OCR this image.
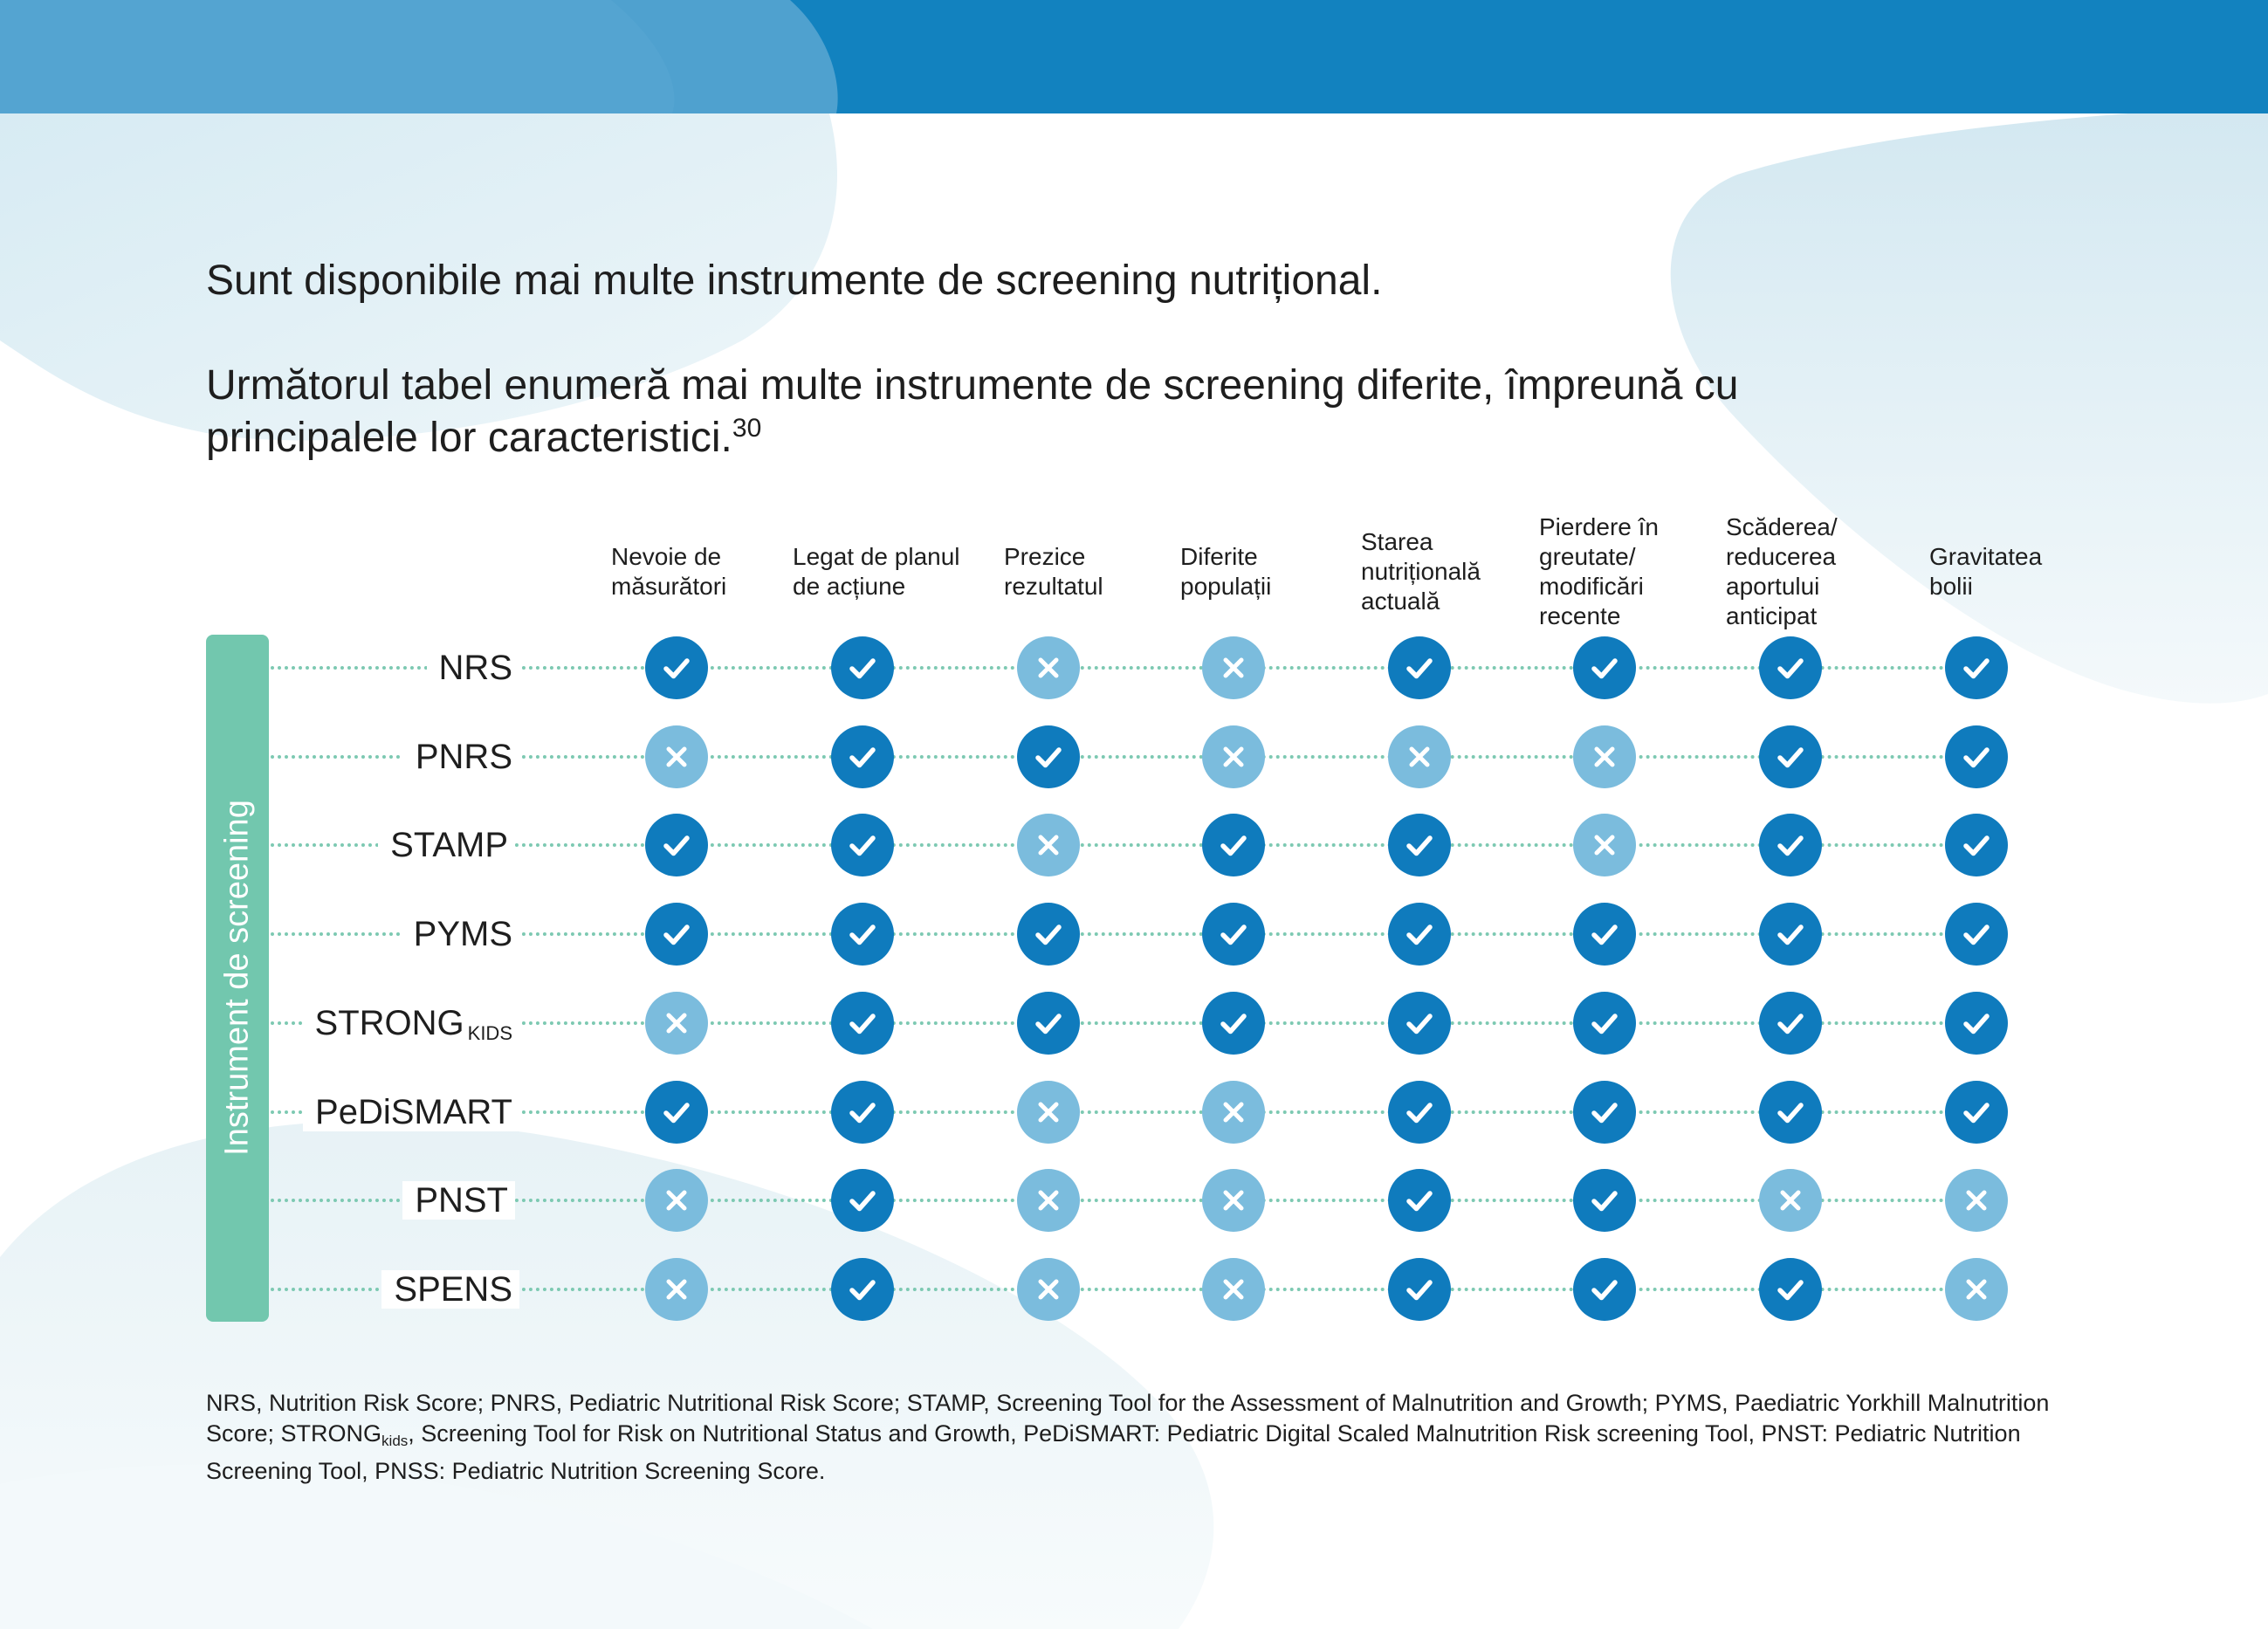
Sunt disponibile mai multe instrumente de screening nutrițional.
Următorul tabel enumeră mai multe instrumente de screening diferite, împreună cu principalele lor caracteristici.$^{30}$
Nevoie de
măsurători
Legat de planul
de acțiune
Prezice
rezultatul
Diferite
populații
Starea
nutrițională
actuală
Pierdere în
greutate/
modificări
recente
Scăderea/
reducerea
aportului
anticipat
Gravitatea
bolii
NRS
PNRS
STAMP
PYMS
STRONG $_{KIDS}$
PeDiSMART
PNST
SPENS
Instrument de screening
NRS, Nutrition Risk Score; PNRS, Pediatric Nutritional Risk Score; STAMP, Screening Tool for the Assessment of Malnutrition and Growth; PYMS, Paediatric Yorkhill Malnutrition Score; $STRONG_{kids}$, Screening Tool for Risk on Nutritional Status and Growth, PeDiSMART: Pediatric Digital Scaled Malnutrition Risk screening Tool, PNST: Pediatric Nutrition Screening Tool, PNSS: Pediatric Nutrition Screening Score.
